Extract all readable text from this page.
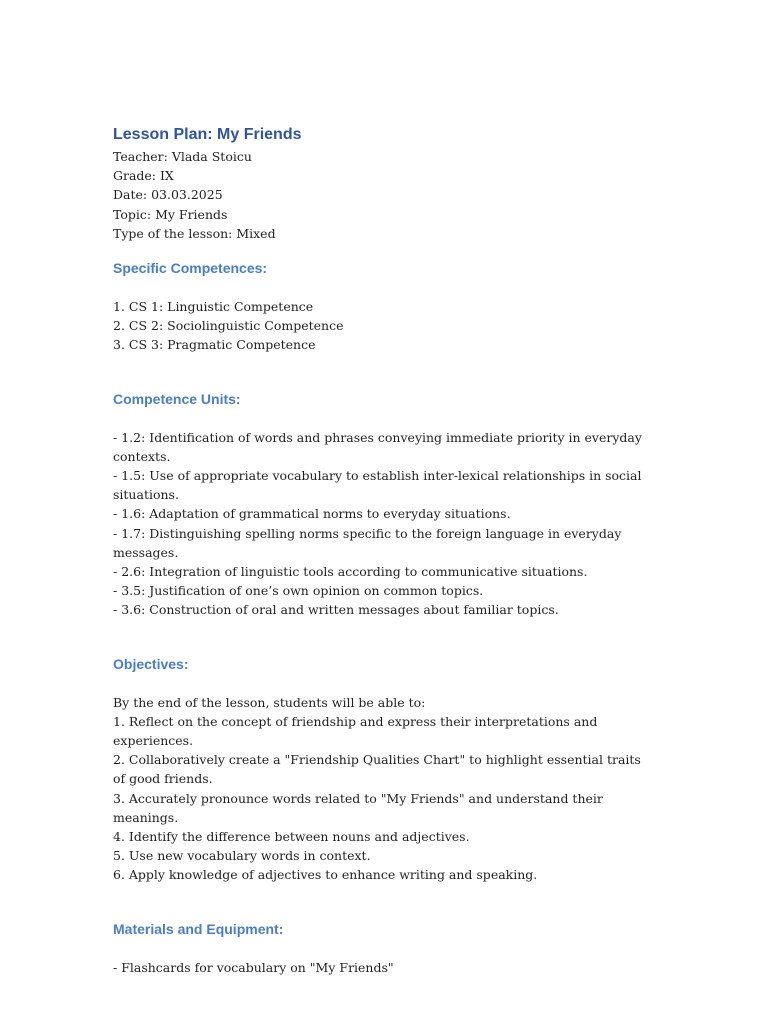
Lesson Plan: My Friends
Teacher: Vlada Stoicu
Grade: IX
Date: 03.03.2025
Topic: My Friends
Type of the lesson: Mixed
Specific Competences:
1. CS 1: Linguistic Competence
2. CS 2: Sociolinguistic Competence
3. CS 3: Pragmatic Competence
Competence Units:
- 1.2: Identification of words and phrases conveying immediate priority in everyday contexts.
- 1.5: Use of appropriate vocabulary to establish inter-lexical relationships in social situations.
- 1.6: Adaptation of grammatical norms to everyday situations.
- 1.7: Distinguishing spelling norms specific to the foreign language in everyday messages.
- 2.6: Integration of linguistic tools according to communicative situations.
- 3.5: Justification of one’s own opinion on common topics.
- 3.6: Construction of oral and written messages about familiar topics.
Objectives:
By the end of the lesson, students will be able to:
1. Reflect on the concept of friendship and express their interpretations and experiences.
2. Collaboratively create a "Friendship Qualities Chart" to highlight essential traits of good friends.
3. Accurately pronounce words related to "My Friends" and understand their meanings.
4. Identify the difference between nouns and adjectives.
5. Use new vocabulary words in context.
6. Apply knowledge of adjectives to enhance writing and speaking.
Materials and Equipment:
- Flashcards for vocabulary on "My Friends"
